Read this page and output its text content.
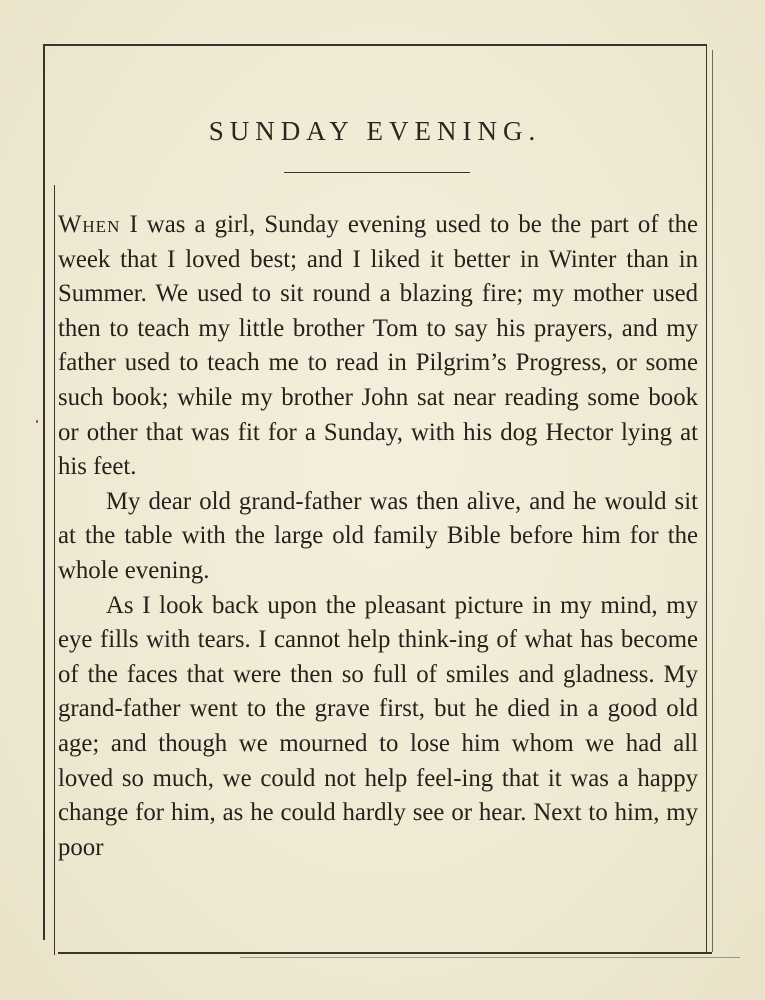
SUNDAY EVENING.

When I was a girl, Sunday evening used to be the part of the week that I loved best; and I liked it better in Winter than in Summer. We used to sit round a blazing fire; my mother used then to teach my little brother Tom to say his prayers, and my father used to teach me to read in Pilgrim’s Progress, or some such book; while my brother John sat near reading some book or other that was fit for a Sunday, with his dog Hector lying at his feet.

My dear old grand-father was then alive, and he would sit at the table with the large old family Bible before him for the whole evening.

As I look back upon the pleasant picture in my mind, my eye fills with tears. I cannot help think-ing of what has become of the faces that were then so full of smiles and gladness. My grand-father went to the grave first, but he died in a good old age; and though we mourned to lose him whom we had all loved so much, we could not help feel-ing that it was a happy change for him, as he could hardly see or hear. Next to him, my poor
